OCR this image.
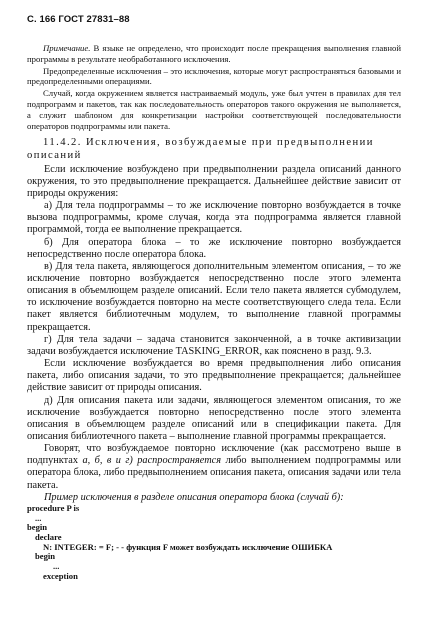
С. 166 ГОСТ 27831–88

Примечание. В языке не определено, что происходит после прекращения выполнения главной программы в результате необработанного исключения.

Предопределенные исключения – это исключения, которые могут распространяться базовыми и предопределенными операциями.

Случай, когда окружением является настраиваемый модуль, уже был учтен в правилах для тел подпрограмм и пакетов, так как последовательность операторов такого окружения не выполняется, а служит шаблоном для конкретизации настройки соответствующей последовательности операторов подпрограммы или пакета.

11.4.2. Исключения, возбуждаемые при предвыполнении описаний

Если исключение возбуждено при предвыполнении раздела описаний данного окружения, то это предвыполнение прекращается. Дальнейшее действие зависит от природы окружения:

а) Для тела подпрограммы – то же исключение повторно возбуждается в точке вызова подпрограммы, кроме случая, когда эта подпрограмма является главной программой, тогда ее выполнение прекращается.

б) Для оператора блока – то же исключение повторно возбуждается непосредственно после оператора блока.

в) Для тела пакета, являющегося дополнительным элементом описания, – то же исключение повторно возбуждается непосредственно после этого элемента описания в объемлющем разделе описаний. Если тело пакета является субмодулем, то исключение возбуждается повторно на месте соответствующего следа тела. Если пакет является библиотечным модулем, то выполнение главной программы прекращается.

г) Для тела задачи – задача становится законченной, а в точке активизации задачи возбуждается исключение TASKING_ERROR, как пояснено в разд. 9.3.

Если исключение возбуждается во время предвыполнения либо описания пакета, либо описания задачи, то это предвыполнение прекращается; дальнейшее действие зависит от природы описания.

д) Для описания пакета или задачи, являющегося элементом описания, то же исключение возбуждается повторно непосредственно после этого элемента описания в объемлющем разделе описаний или в спецификации пакета. Для описания библиотечного пакета – выполнение главной программы прекращается.

Говорят, что возбуждаемое повторно исключение (как рассмотрено выше в подпунктах а, б, в и г) распространяется либо выполнением подпрограммы или оператора блока, либо предвыполнением описания пакета, описания задачи или тела пакета.

Пример исключения в разделе описания оператора блока (случай б):

procedure P is
...
begin
declare
N: INTEGER: = F; - - функция F может возбуждать исключение ОШИБКА
begin
...
exception
